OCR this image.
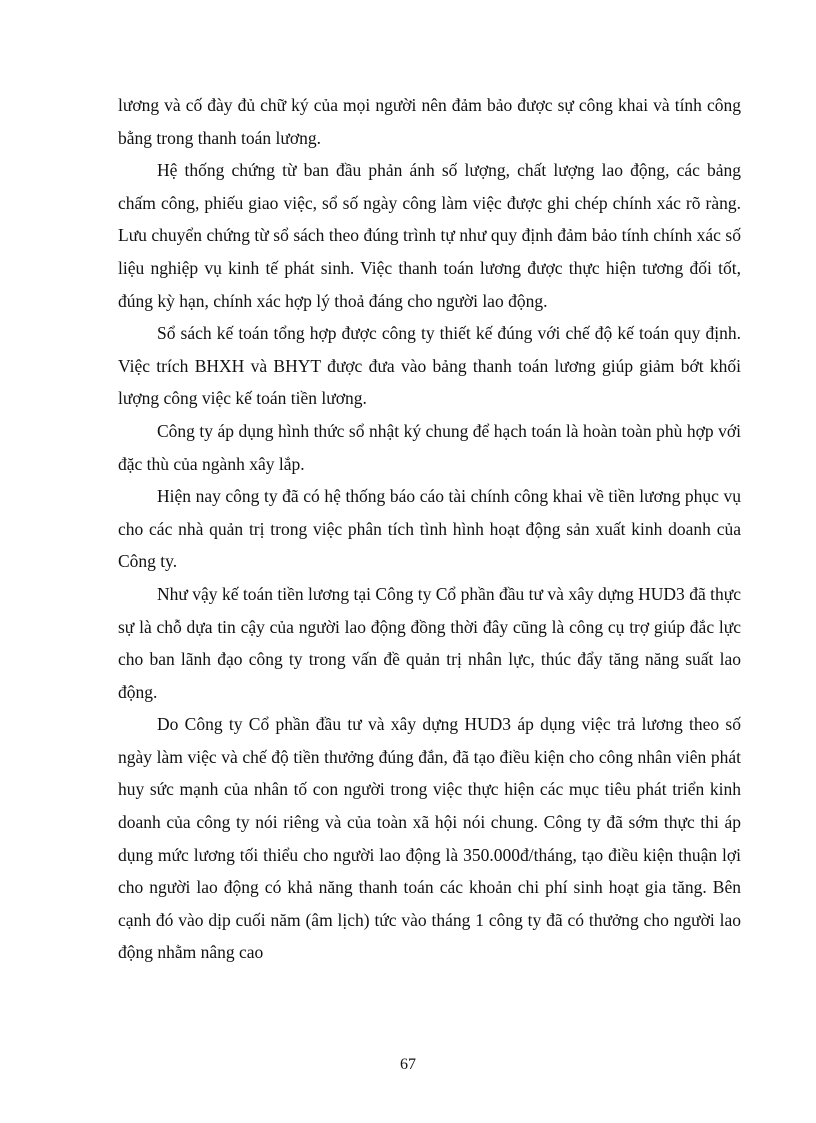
lương và cố đày đủ chữ ký của mọi người nên đảm bảo được sự công khai và tính công bằng trong thanh toán lương.

Hệ thống chứng từ ban đầu phản ánh số lượng, chất lượng lao động, các bảng chấm công, phiếu giao việc, sổ số ngày công làm việc được ghi chép chính xác rõ ràng. Lưu chuyển chứng từ sổ sách theo đúng trình tự như quy định đảm bảo tính chính xác số liệu nghiệp vụ kinh tế phát sinh. Việc thanh toán lương được thực hiện tương đối tốt, đúng kỳ hạn, chính xác hợp lý thoả đáng cho người lao động.

Sổ sách kế toán tổng hợp được công ty thiết kế đúng với chế độ kế toán quy định. Việc trích BHXH và BHYT được đưa vào bảng thanh toán lương giúp giảm bớt khối lượng công việc kế toán tiền lương.

Công ty áp dụng hình thức sổ nhật ký chung để hạch toán là hoàn toàn phù hợp với đặc thù của ngành xây lắp.

Hiện nay công ty đã có hệ thống báo cáo tài chính công khai về tiền lương phục vụ cho các nhà quản trị trong việc phân tích tình hình hoạt động sản xuất kinh doanh của Công ty.

Như vậy kế toán tiền lương tại Công ty Cổ phần đầu tư và xây dựng HUD3 đã thực sự là chỗ dựa tin cậy của người lao động đồng thời đây cũng là công cụ trợ giúp đắc lực cho ban lãnh đạo công ty trong vấn đề quản trị nhân lực, thúc đẩy tăng năng suất lao động.

Do Công ty Cổ phần đầu tư và xây dựng HUD3 áp dụng việc trả lương theo số ngày làm việc và chế độ tiền thưởng đúng đắn, đã tạo điều kiện cho công nhân viên phát huy sức mạnh của nhân tố con người trong việc thực hiện các mục tiêu phát triển kinh doanh của công ty nói riêng và của toàn xã hội nói chung. Công ty đã sớm thực thi áp dụng mức lương tối thiểu cho người lao động là 350.000đ/tháng, tạo điều kiện thuận lợi cho người lao động có khả năng thanh toán các khoản chi phí sinh hoạt gia tăng. Bên cạnh đó vào dịp cuối năm (âm lịch) tức vào tháng 1 công ty đã có thưởng cho người lao động nhằm nâng cao

67
